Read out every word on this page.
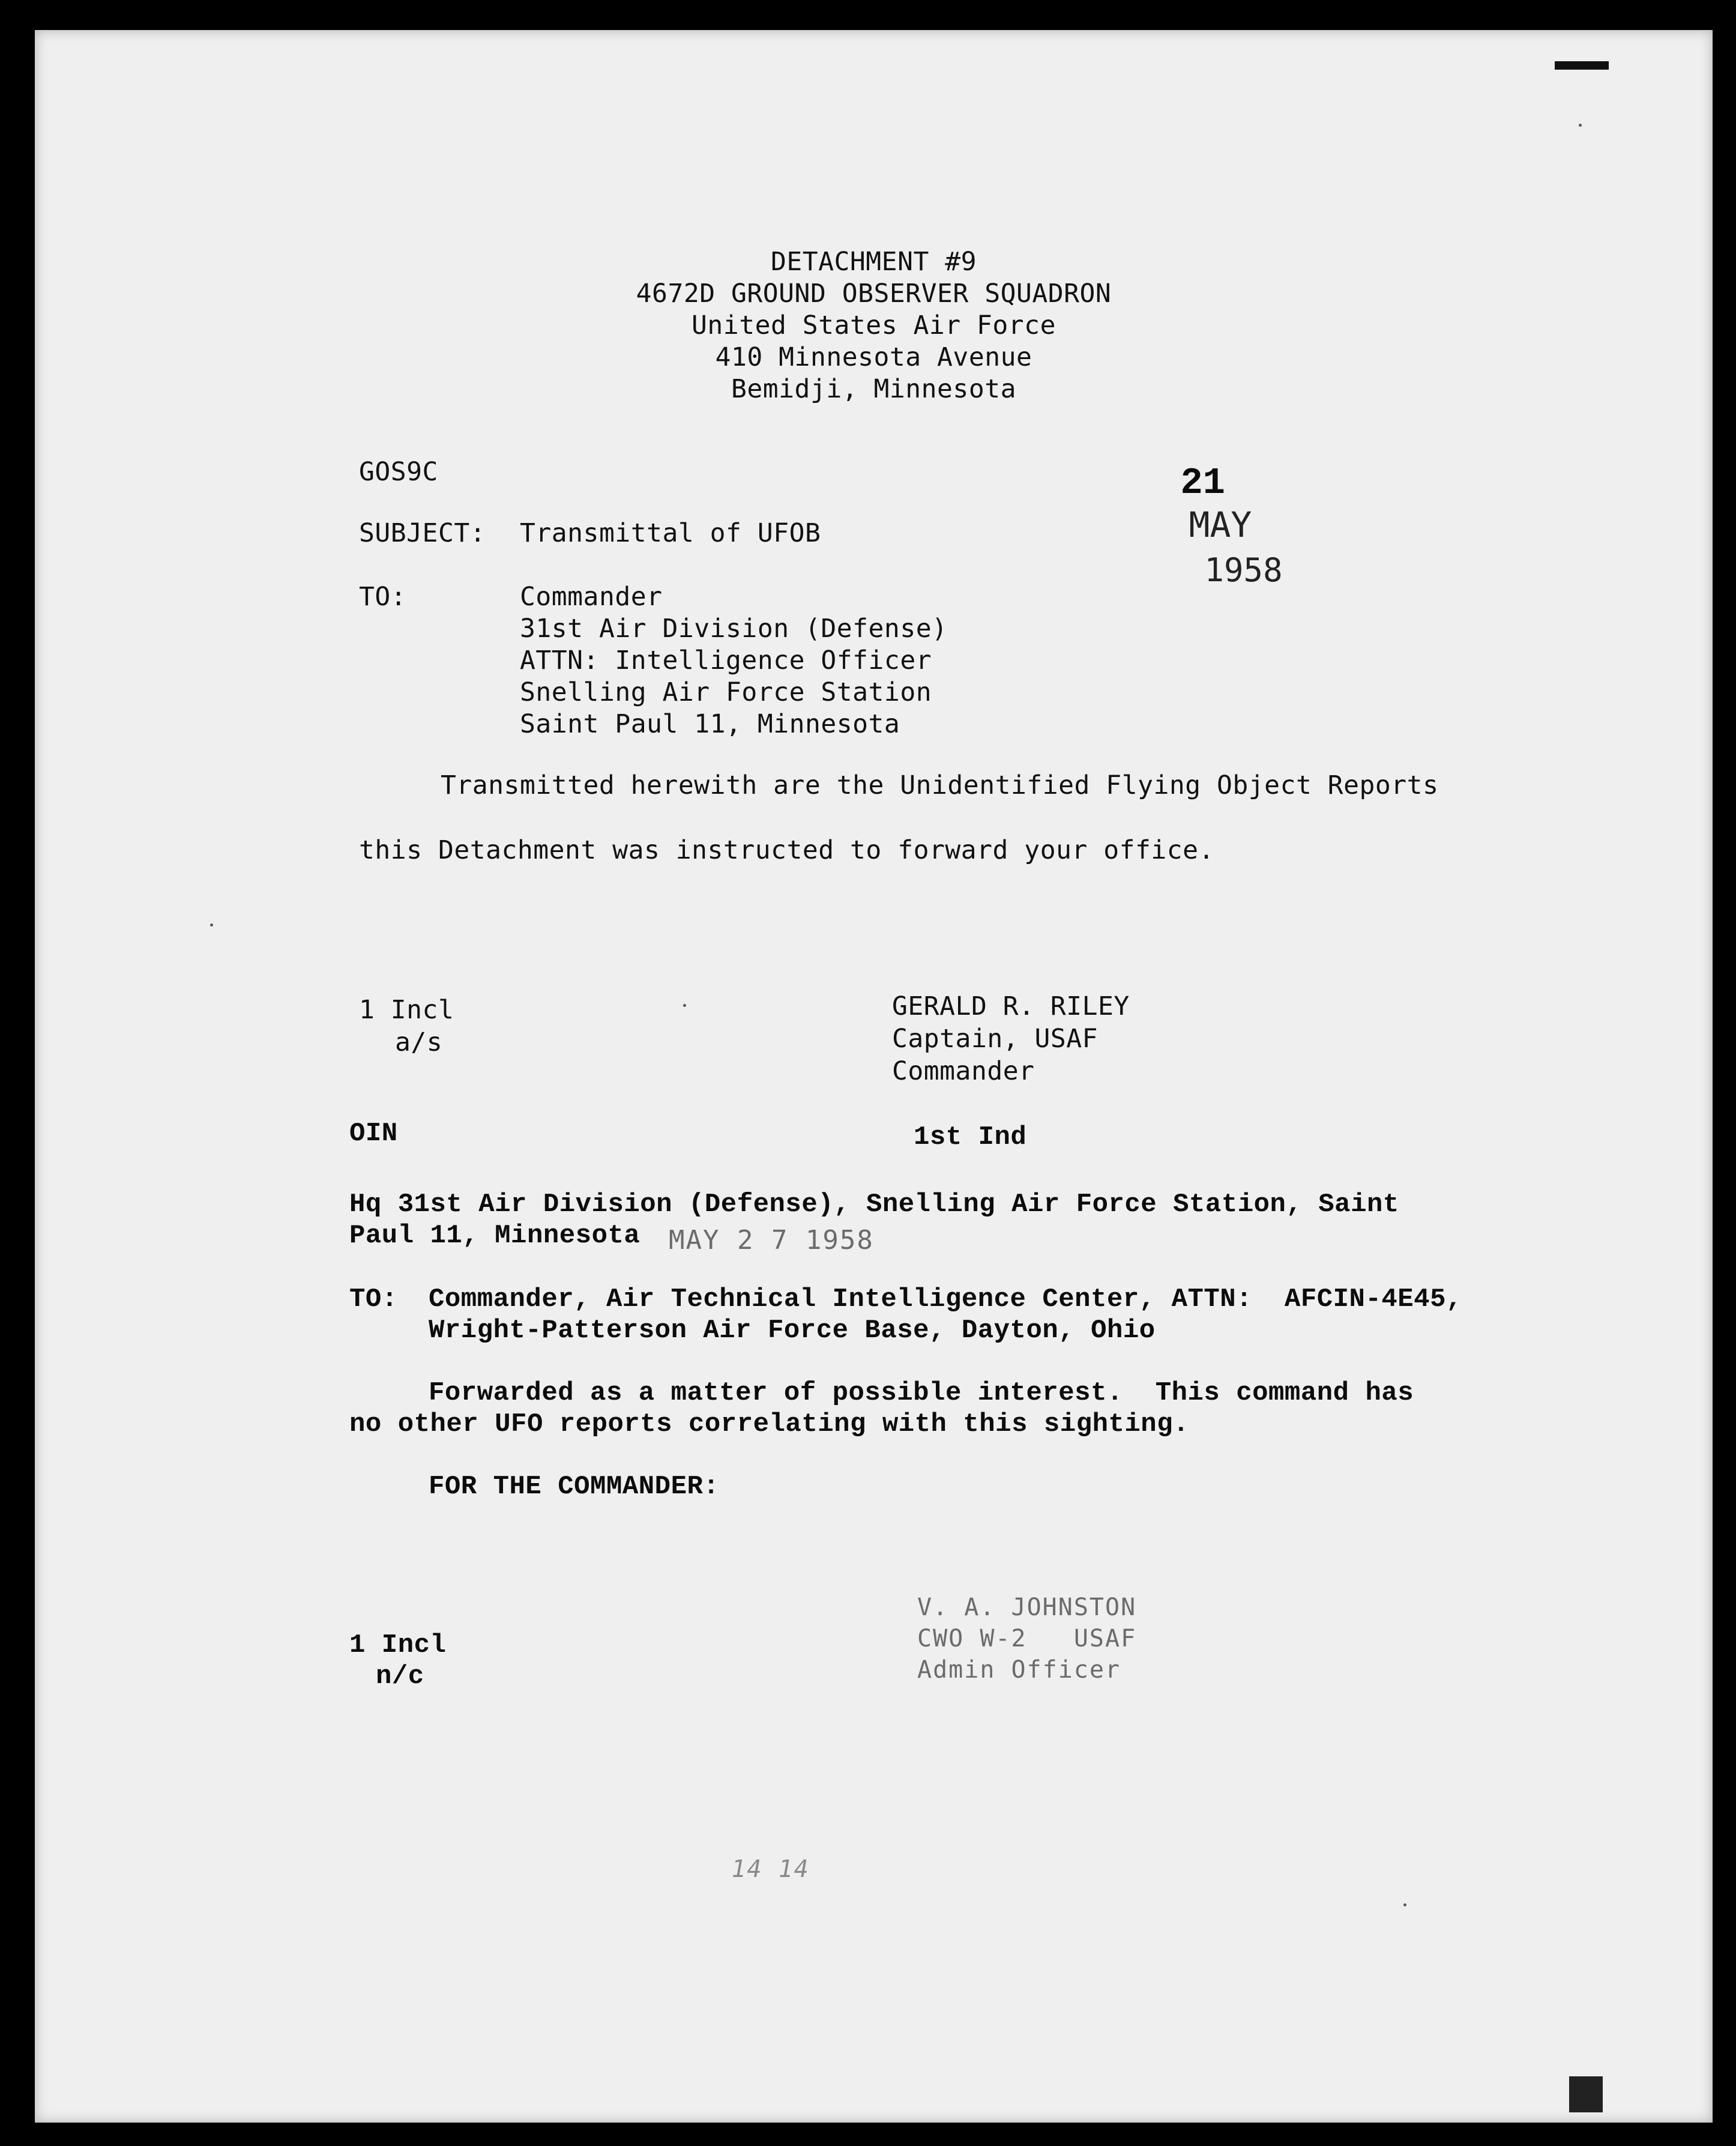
DETACHMENT #9
4672D GROUND OBSERVER SQUADRON
United States Air Force
410 Minnesota Avenue
Bemidji, Minnesota
GOS9C	21
MAY
1958

SUBJECT: Transmittal of UFOB
TO:	Commander
31st Air Division (Defense)
ATTN: Intelligence Officer
Snelling Air Force Station
Saint Paul 11, Minnesota
Transmitted herewith are the Unidentified Flying Object Reports
this Detachment was instructed to forward your office.
1 Incl
a/s
GERALD R. RILEY
Captain, USAF
Commander
OIN	1st Ind
Hq 31st Air Division (Defense), Snelling Air Force Station, Saint
Paul 11, Minnesota MAY 2 7 1958
TO: Commander, Air Technical Intelligence Center, ATTN:  AFCIN-4E45,
Wright-Patterson Air Force Base, Dayton, Ohio
Forwarded as a matter of possible interest.  This command has
no other UFO reports correlating with this sighting.
FOR THE COMMANDER:
1 Incl
n/c
V. A. JOHNSTON
CWO W-2   USAF
Admin Officer
14 14
